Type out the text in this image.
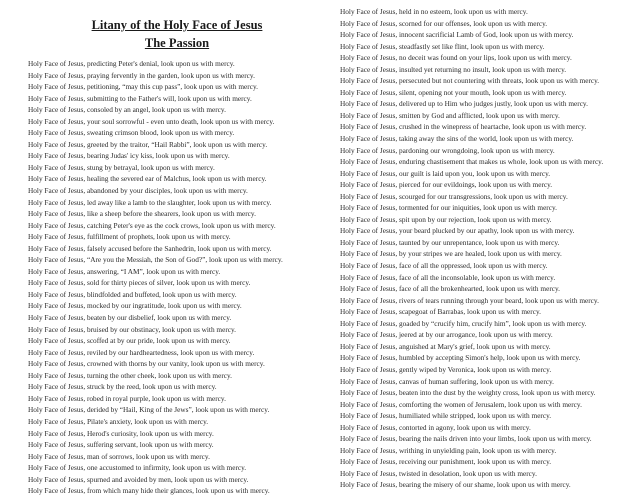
Litany of the Holy Face of Jesus
The Passion
Holy Face of Jesus, predicting Peter's denial, look upon us with mercy.
Holy Face of Jesus, praying fervently in the garden, look upon us with mercy.
Holy Face of Jesus, petitioning, “may this cup pass”, look upon us with mercy.
Holy Face of Jesus, submitting to the Father's will, look upon us with mercy.
Holy Face of Jesus, consoled by an angel, look upon us with mercy.
Holy Face of Jesus, your soul sorrowful - even unto death, look upon us with mercy.
Holy Face of Jesus, sweating crimson blood, look upon us with mercy.
Holy Face of Jesus, greeted by the traitor, “Hail Rabbi”, look upon us with mercy.
Holy Face of Jesus, bearing Judas' icy kiss, look upon us with mercy.
Holy Face of Jesus, stung by betrayal, look upon us with mercy.
Holy Face of Jesus, healing the severed ear of Malchus, look upon us with mercy.
Holy Face of Jesus, abandoned by your disciples, look upon us with mercy.
Holy Face of Jesus, led away like a lamb to the slaughter, look upon us with mercy.
Holy Face of Jesus, like a sheep before the shearers, look upon us with mercy.
Holy Face of Jesus, catching Peter's eye as the cock crows, look upon us with mercy.
Holy Face of Jesus, fulfillment of prophets, look upon us with mercy.
Holy Face of Jesus, falsely accused before the Sanhedrin, look upon us with mercy.
Holy Face of Jesus, “Are you the Messiah, the Son of God?”, look upon us with mercy.
Holy Face of Jesus, answering, “I AM”, look upon us with mercy.
Holy Face of Jesus, sold for thirty pieces of silver, look upon us with mercy.
Holy Face of Jesus, blindfolded and buffeted, look upon us with mercy.
Holy Face of Jesus, mocked by our ingratitude, look upon us with mercy.
Holy Face of Jesus, beaten by our disbelief, look upon us with mercy.
Holy Face of Jesus, bruised by our obstinacy, look upon us with mercy.
Holy Face of Jesus, scoffed at by our pride, look upon us with mercy.
Holy Face of Jesus, reviled by our hardheartedness, look upon us with mercy.
Holy Face of Jesus, crowned with thorns by our vanity, look upon us with mercy.
Holy Face of Jesus, turning the other cheek, look upon us with mercy.
Holy Face of Jesus, struck by the reed, look upon us with mercy.
Holy Face of Jesus, robed in royal purple, look upon us with mercy.
Holy Face of Jesus, derided by “Hail, King of the Jews”, look upon us with mercy.
Holy Face of Jesus, Pilate's anxiety, look upon us with mercy.
Holy Face of Jesus, Herod's curiosity, look upon us with mercy.
Holy Face of Jesus, suffering servant, look upon us with mercy.
Holy Face of Jesus, man of sorrows, look upon us with mercy.
Holy Face of Jesus, one accustomed to infirmity, look upon us with mercy.
Holy Face of Jesus, spurned and avoided by men, look upon us with mercy.
Holy Face of Jesus, from which many hide their glances, look upon us with mercy.
Holy Face of Jesus, held in no esteem, look upon us with mercy.
Holy Face of Jesus, scorned for our offenses, look upon us with mercy.
Holy Face of Jesus, innocent sacrificial Lamb of God, look upon us with mercy.
Holy Face of Jesus, steadfastly set like flint, look upon us with mercy.
Holy Face of Jesus, no deceit was found on your lips, look upon us with mercy.
Holy Face of Jesus, insulted yet returning no insult, look upon us with mercy.
Holy Face of Jesus, persecuted but not countering with threats, look upon us with mercy.
Holy Face of Jesus, silent, opening not your mouth, look upon us with mercy.
Holy Face of Jesus, delivered up to Him who judges justly, look upon us with mercy.
Holy Face of Jesus, smitten by God and afflicted, look upon us with mercy.
Holy Face of Jesus, crushed in the winepress of heartache, look upon us with mercy.
Holy Face of Jesus, taking away the sins of the world, look upon us with mercy.
Holy Face of Jesus, pardoning our wrongdoing, look upon us with mercy.
Holy Face of Jesus, enduring chastisement that makes us whole, look upon us with mercy.
Holy Face of Jesus, our guilt is laid upon you, look upon us with mercy.
Holy Face of Jesus, pierced for our evildoings, look upon us with mercy.
Holy Face of Jesus, scourged for our transgressions, look upon us with mercy.
Holy Face of Jesus, tormented for our iniquities, look upon us with mercy.
Holy Face of Jesus, spit upon by our rejection, look upon us with mercy.
Holy Face of Jesus, your beard plucked by our apathy, look upon us with mercy.
Holy Face of Jesus, taunted by our unrepentance, look upon us with mercy.
Holy Face of Jesus, by your stripes we are healed, look upon us with mercy.
Holy Face of Jesus, face of all the oppressed, look upon us with mercy.
Holy Face of Jesus, face of all the inconsolable, look upon us with mercy.
Holy Face of Jesus, face of all the brokenhearted, look upon us with mercy.
Holy Face of Jesus, rivers of tears running through your beard, look upon us with mercy.
Holy Face of Jesus, scapegoat of Barrabas, look upon us with mercy.
Holy Face of Jesus, goaded by “crucify him, crucify him”, look upon us with mercy.
Holy Face of Jesus, jeered at by our arrogance, look upon us with mercy.
Holy Face of Jesus, anguished at Mary's grief, look upon us with mercy.
Holy Face of Jesus, humbled by accepting Simon's help, look upon us with mercy.
Holy Face of Jesus, gently wiped by Veronica, look upon us with mercy.
Holy Face of Jesus, canvas of human suffering, look upon us with mercy.
Holy Face of Jesus, beaten into the dust by the weighty cross, look upon us with mercy.
Holy Face of Jesus, comforting the women of Jerusalem, look upon us with mercy.
Holy Face of Jesus, humiliated while stripped, look upon us with mercy.
Holy Face of Jesus, contorted in agony, look upon us with mercy.
Holy Face of Jesus, bearing the nails driven into your limbs, look upon us with mercy.
Holy Face of Jesus, writhing in unyielding pain, look upon us with mercy.
Holy Face of Jesus, receiving our punishment, look upon us with mercy.
Holy Face of Jesus, twisted in desolation, look upon us with mercy.
Holy Face of Jesus, bearing the misery of our shame, look upon us with mercy.
